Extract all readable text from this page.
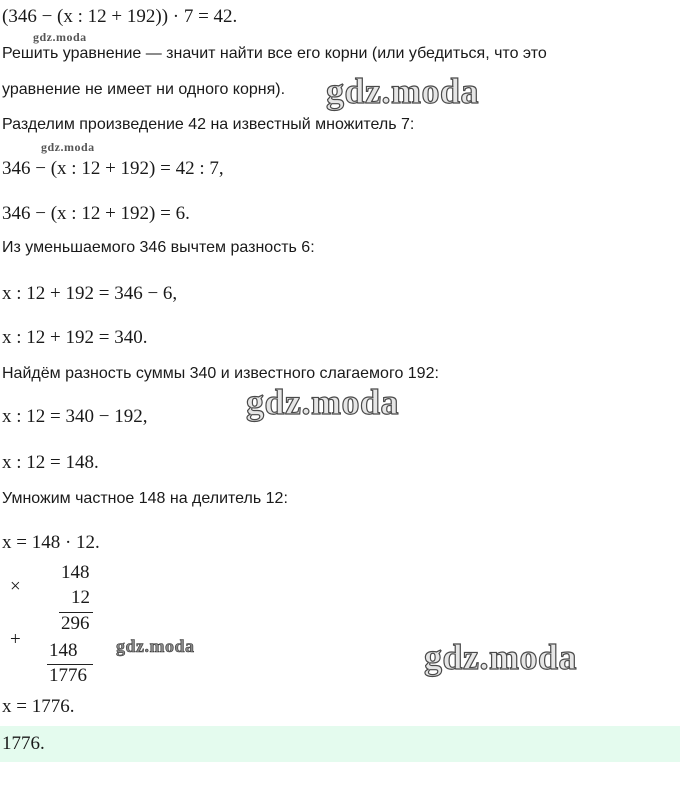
(346 − (x : 12 + 192)) · 7 = 42.
gdz.moda
Решить уравнение — значит найти все его корни (или убедиться, что это
уравнение не имеет ни одного корня). gdz.moda
Разделим произведение 42 на известный множитель 7:
gdz.moda
346 − (x : 12 + 192) = 42 : 7,
346 − (x : 12 + 192) = 6.
Из уменьшаемого 346 вычтем разность 6:
x : 12 + 192 = 346 − 6,
x : 12 + 192 = 340.
Найдём разность суммы 340 и известного слагаемого 192:
x : 12 = 340 − 192,	gdz.moda
x : 12 = 148.
Умножим частное 148 на делитель 12:
x = 148 · 12.
×
148
12
296
+
148
1776
gdz.moda	gdz.moda
x = 1776.
1776.
